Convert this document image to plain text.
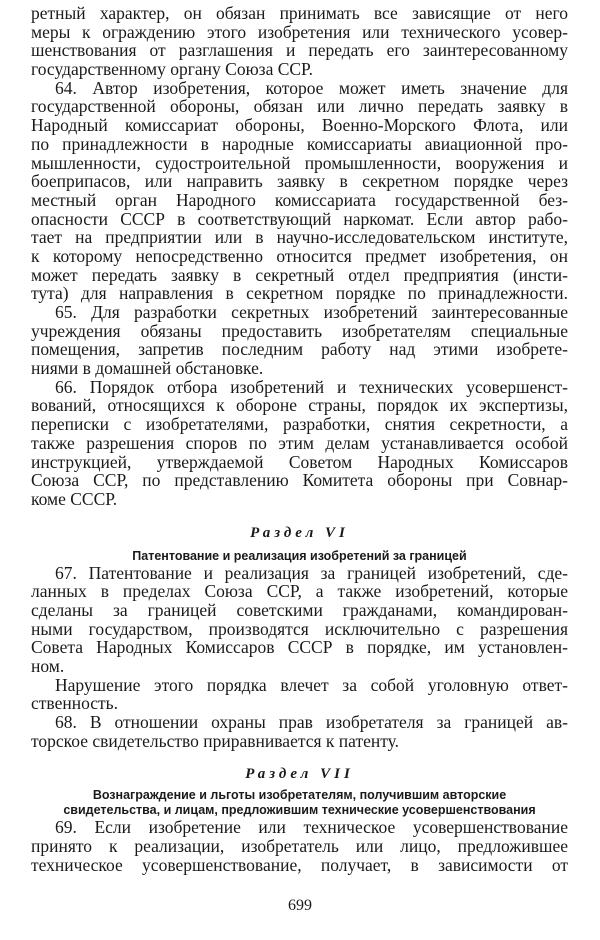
ретный характер, он обязан принимать все зависящие от него
меры к ограждению этого изобретения или технического усовер-
шенствования от разглашения и передать его заинтересованному
государственному органу Союза ССР.
64. Автор изобретения, которое может иметь значение для
государственной обороны, обязан или лично передать заявку в
Народный комиссариат обороны, Военно-Морского Флота, или
по принадлежности в народные комиссариаты авиационной про-
мышленности, судостроительной промышленности, вооружения и
боеприпасов, или направить заявку в секретном порядке через
местный орган Народного комиссариата государственной без-
опасности СССР в соответствующий наркомат. Если автор рабо-
тает на предприятии или в научно-исследовательском институте,
к которому непосредственно относится предмет изобретения, он
может передать заявку в секретный отдел предприятия (инсти-
тута) для направления в секретном порядке по принадлежности.
65. Для разработки секретных изобретений заинтересованные
учреждения обязаны предоставить изобретателям специальные
помещения, запретив последним работу над этими изобрете-
ниями в домашней обстановке.
66. Порядок отбора изобретений и технических усовершенст-
вований, относящихся к обороне страны, порядок их экспертизы,
переписки с изобретателями, разработки, снятия секретности, а
также разрешения споров по этим делам устанавливается особой
инструкцией, утверждаемой Советом Народных Комиссаров
Союза ССР, по представлению Комитета обороны при Совнар-
коме СССР.
Раздел VI
Патентование и реализация изобретений за границей
67. Патентование и реализация за границей изобретений, сде-
ланных в пределах Союза ССР, а также изобретений, которые
сделаны за границей советскими гражданами, командирован-
ными государством, производятся исключительно с разрешения
Совета Народных Комиссаров СССР в порядке, им установлен-
ном.
Нарушение этого порядка влечет за собой уголовную ответ-
ственность.
68. В отношении охраны прав изобретателя за границей ав-
торское свидетельство приравнивается к патенту.
Раздел VII
Вознаграждение и льготы изобретателям, получившим авторские
свидетельства, и лицам, предложившим технические усовершенствования
69. Если изобретение или техническое усовершенствование
принято к реализации, изобретатель или лицо, предложившее
техническое усовершенствование, получает, в зависимости от
699
